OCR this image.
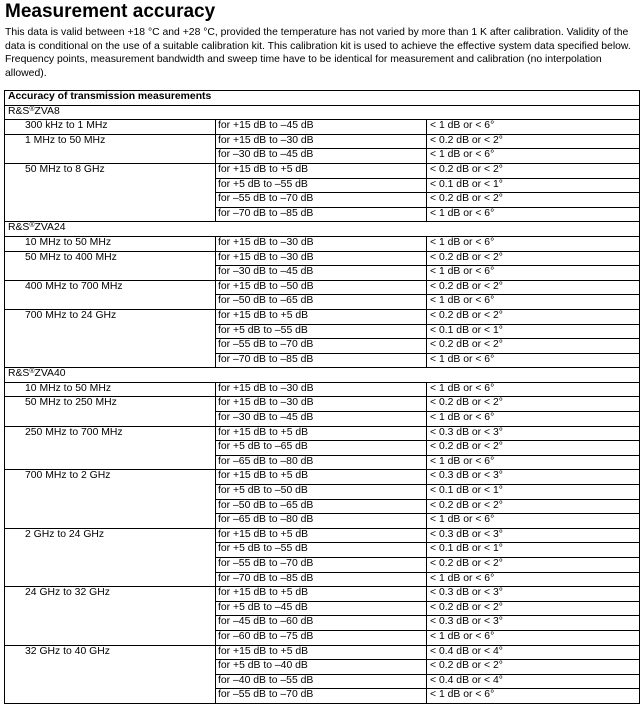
Measurement accuracy

This data is valid between +18 °C and +28 °C, provided the temperature has not varied by more than 1 K after calibration. Validity of the data is conditional on the use of a suitable calibration kit. This calibration kit is used to achieve the effective system data specified below. Frequency points, measurement bandwidth and sweep time have to be identical for measurement and calibration (no interpolation allowed).

Accuracy of transmission measurements		
R&S®ZVA8		
300 kHz to 1 MHz	for +15 dB to –45 dB	< 1 dB or < 6°
1 MHz to 50 MHz	for +15 dB to –30 dB	< 0.2 dB or < 2°
	for –30 dB to –45 dB	< 1 dB or < 6°
50 MHz to 8 GHz	for +15 dB to +5 dB	< 0.2 dB or < 2°
	for +5 dB to –55 dB	< 0.1 dB or < 1°
	for –55 dB to –70 dB	< 0.2 dB or < 2°
	for –70 dB to –85 dB	< 1 dB or < 6°
R&S®ZVA24		
10 MHz to 50 MHz	for +15 dB to –30 dB	< 1 dB or < 6°
50 MHz to 400 MHz	for +15 dB to –30 dB	< 0.2 dB or < 2°
	for –30 dB to –45 dB	< 1 dB or < 6°
400 MHz to 700 MHz	for +15 dB to –50 dB	< 0.2 dB or < 2°
	for –50 dB to –65 dB	< 1 dB or < 6°
700 MHz to 24 GHz	for +15 dB to +5 dB	< 0.2 dB or < 2°
	for +5 dB to –55 dB	< 0.1 dB or < 1°
	for –55 dB to –70 dB	< 0.2 dB or < 2°
	for –70 dB to –85 dB	< 1 dB or < 6°
R&S®ZVA40		
10 MHz to 50 MHz	for +15 dB to –30 dB	< 1 dB or < 6°
50 MHz to 250 MHz	for +15 dB to –30 dB	< 0.2 dB or < 2°
	for –30 dB to –45 dB	< 1 dB or < 6°
250 MHz to 700 MHz	for +15 dB to +5 dB	< 0.3 dB or < 3°
	for +5 dB to –65 dB	< 0.2 dB or < 2°
	for –65 dB to –80 dB	< 1 dB or < 6°
700 MHz to 2 GHz	for +15 dB to +5 dB	< 0.3 dB or < 3°
	for +5 dB to –50 dB	< 0.1 dB or < 1°
	for –50 dB to –65 dB	< 0.2 dB or < 2°
	for –65 dB to –80 dB	< 1 dB or < 6°
2 GHz to 24 GHz	for +15 dB to +5 dB	< 0.3 dB or < 3°
	for +5 dB to –55 dB	< 0.1 dB or < 1°
	for –55 dB to –70 dB	< 0.2 dB or < 2°
	for –70 dB to –85 dB	< 1 dB or < 6°
24 GHz to 32 GHz	for +15 dB to +5 dB	< 0.3 dB or < 3°
	for +5 dB to –45 dB	< 0.2 dB or < 2°
	for –45 dB to –60 dB	< 0.3 dB or < 3°
	for –60 dB to –75 dB	< 1 dB or < 6°
32 GHz to 40 GHz	for +15 dB to +5 dB	< 0.4 dB or < 4°
	for +5 dB to –40 dB	< 0.2 dB or < 2°
	for –40 dB to –55 dB	< 0.4 dB or < 4°
	for –55 dB to –70 dB	< 1 dB or < 6°
